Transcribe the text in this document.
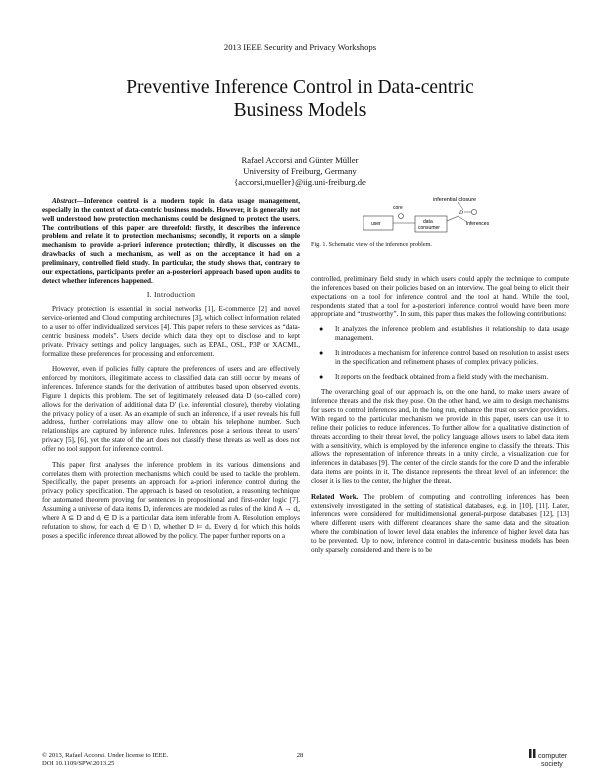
2013 IEEE Security and Privacy Workshops
Preventive Inference Control in Data-centric
Business Models
Rafael Accorsi and Günter Müller
University of Freiburg, Germany
{accorsi,mueller}@iig.uni-freiburg.de

Abstract—Inference control is a modern topic in data usage management, especially in the context of data-centric business models. However, it is generally not well understood how protection mechanisms could be designed to protect the users. The contributions of this paper are threefold: firstly, it describes the inference problem and relate it to protection mechanisms; secondly, it reports on a simple mechanism to provide a-priori inference protection; thirdly, it discusses on the drawbacks of such a mechanism, as well as on the acceptance it had on a preliminary, controlled field study. In particular, the study shows that, contrary to our expectations, participants prefer an a-posteriori approach based upon audits to detect whether inferences happened.

I. Introduction

Privacy protection is essential in social networks [1], E-commerce [2] and novel service-oriented and Cloud computing architectures [3], which collect information related to a user to offer individualized services [4]. This paper refers to these services as “data-centric business models”. Users decide which data they opt to disclose and to kept private. Privacy settings and policy languages, such as EPAL, OSL, P3P or XACML, formalize these preferences for processing and enforcement.

However, even if policies fully capture the preferences of users and are effectively enforced by monitors, illegitimate access to classified data can still occur by means of inferences. Inference stands for the derivation of attributes based upon observed events. Figure 1 depicts this problem. The set of legitimately released data D (so-called core) allows for the derivation of additional data D′ (i.e. inferential closure), thereby violating the privacy policy of a user. As an example of such an inference, if a user reveals his full address, further correlations may allow one to obtain his telephone number. Such relationships are captured by inference rules. Inferences pose a serious threat to users’ privacy [5], [6], yet the state of the art does not classify these threats as well as does not offer no tool support for inference control.

This paper first analyses the inference problem in its various dimensions and correlates them with protection mechanisms which could be used to tackle the problem. Specifically, the paper presents an approach for a-priori inference control during the privacy policy specification. The approach is based on resolution, a reasoning technique for automated theorem proving for sentences in propositional and first-order logic [7]. Assuming a universe of data items D, inferences are modeled as rules of the kind A → dᵢ, where A ⊆ D and dᵢ ∈ D is a particular data item inferable from A. Resolution employs refutation to show, for each dᵢ ∈ D \ D, whether D ⊨ dᵢ. Every dᵢ for which this holds poses a specific inference threat allowed by the policy. The paper further reports on a

inferential closure
core
user	data
consumer
D
inferences
Fig. 1. Schematic view of the inference problem.

controlled, preliminary field study in which users could apply the technique to compute the inferences based on their policies based on an interview. The goal being to elicit their expectations on a tool for inference control and the tool at hand. While the tool, respondents stated that a tool for a-posteriori inference control would have been more appropriate and “trustworthy”. In sum, this paper thus makes the following contributions:

● It analyzes the inference problem and establishes it relationship to data usage management.
● It introduces a mechanism for inference control based on resolution to assist users in the specification and refinement phases of complex privacy policies.
● It reports on the feedback obtained from a field study with the mechanism.

The overarching goal of our approach is, on the one hand, to make users aware of inference threats and the risk they pose. On the other hand, we aim to design mechanisms for users to control inferences and, in the long run, enhance the trust on service providers. With regard to the particular mechanism we provide in this paper, users can use it to refine their policies to reduce inferences. To further allow for a qualitative distinction of threats according to their threat level, the policy language allows users to label data item with a sensitivity, which is employed by the inference engine to classify the threats. This allows the representation of inference threats in a unity circle, a visualization cue for inferences in databases [9]. The center of the circle stands for the core D and the inferable data items are points in it. The distance represents the threat level of an inference: the closer it is lies to the center, the higher the threat.

Related Work. The problem of computing and controlling inferences has been extensively investigated in the setting of statistical databases, e.g. in [10], [11]. Later, inferences were considered for multidimensional general-purpose databases [12], [13] where different users with different clearances share the same data and the situation where the combination of lower level data enables the inference of higher level data has to be prevented. Up to now, inference control in data-centric business models has been only sparsely considered and there is to be

© 2013, Rafael Accorsi. Under license to IEEE.
DOI 10.1109/SPW.2013.25
28	computer
society
